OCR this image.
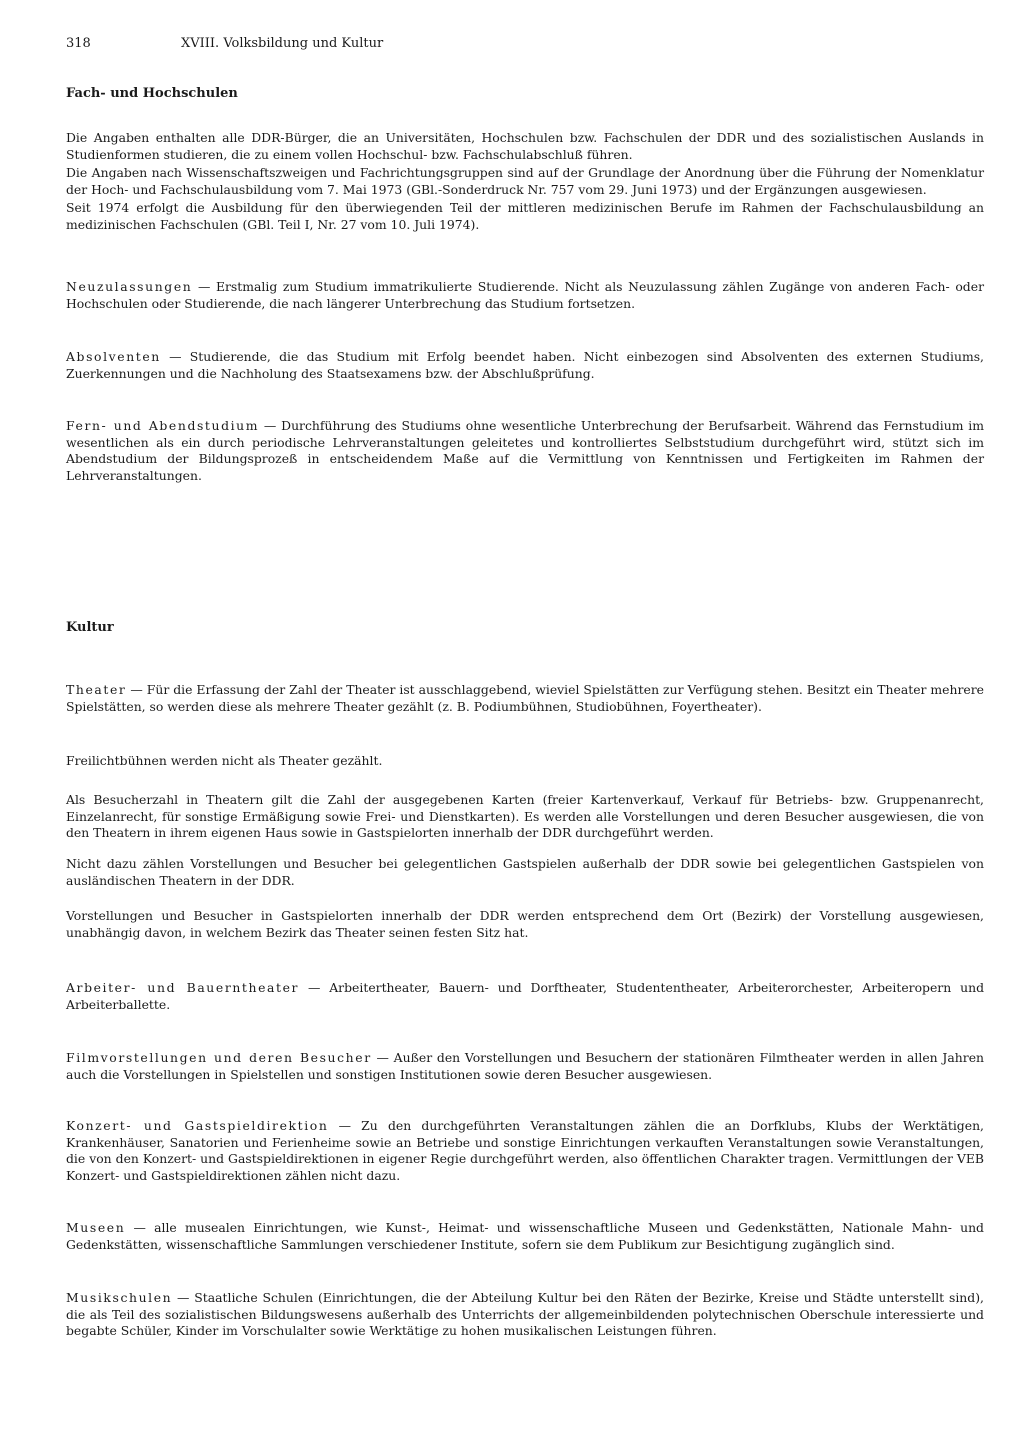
318	XVIII. Volksbildung und Kultur
Fach- und Hochschulen

Die Angaben enthalten alle DDR-Bürger, die an Universitäten, Hochschulen bzw. Fachschulen der DDR und des sozialistischen Auslands in Studienformen studieren, die zu einem vollen Hochschul- bzw. Fachschulabschluß führen.

Die Angaben nach Wissenschaftszweigen und Fachrichtungsgruppen sind auf der Grundlage der Anordnung über die Führung der Nomenklatur der Hoch- und Fachschulausbildung vom 7. Mai 1973 (GBl.-Sonderdruck Nr. 757 vom 29. Juni 1973) und der Ergänzungen ausgewiesen.

Seit 1974 erfolgt die Ausbildung für den überwiegenden Teil der mittleren medizinischen Berufe im Rahmen der Fachschulausbildung an medizinischen Fachschulen (GBl. Teil I, Nr. 27 vom 10. Juli 1974).

Neuzulassungen — Erstmalig zum Studium immatrikulierte Studierende. Nicht als Neuzulassung zählen Zugänge von anderen Fach- oder Hochschulen oder Studierende, die nach längerer Unterbrechung das Studium fortsetzen.
Absolventen — Studierende, die das Studium mit Erfolg beendet haben. Nicht einbezogen sind Absolventen des externen Studiums, Zuerkennungen und die Nachholung des Staatsexamens bzw. der Abschlußprüfung.
Fern- und Abendstudium — Durchführung des Studiums ohne wesentliche Unterbrechung der Berufsarbeit. Während das Fernstudium im wesentlichen als ein durch periodische Lehrveranstaltungen geleitetes und kontrolliertes Selbststudium durchgeführt wird, stützt sich im Abendstudium der Bildungsprozeß in entscheidendem Maße auf die Vermittlung von Kenntnissen und Fertigkeiten im Rahmen der Lehrveranstaltungen.
Kultur
Theater — Für die Erfassung der Zahl der Theater ist ausschlaggebend, wieviel Spielstätten zur Verfügung stehen. Besitzt ein Theater mehrere Spielstätten, so werden diese als mehrere Theater gezählt (z. B. Podiumbühnen, Studiobühnen, Foyertheater).
Freilichtbühnen werden nicht als Theater gezählt.
Als Besucherzahl in Theatern gilt die Zahl der ausgegebenen Karten (freier Kartenverkauf, Verkauf für Betriebs- bzw. Gruppenanrecht, Einzelanrecht, für sonstige Ermäßigung sowie Frei- und Dienstkarten). Es werden alle Vorstellungen und deren Besucher ausgewiesen, die von den Theatern in ihrem eigenen Haus sowie in Gastspielorten innerhalb der DDR durchgeführt werden.
Nicht dazu zählen Vorstellungen und Besucher bei gelegentlichen Gastspielen außerhalb der DDR sowie bei gelegentlichen Gastspielen von ausländischen Theatern in der DDR.
Vorstellungen und Besucher in Gastspielorten innerhalb der DDR werden entsprechend dem Ort (Bezirk) der Vorstellung ausgewiesen, unabhängig davon, in welchem Bezirk das Theater seinen festen Sitz hat.
Arbeiter- und Bauerntheater — Arbeitertheater, Bauern- und Dorftheater, Studententheater, Arbeiterorchester, Arbeiteropern und Arbeiterballette.
Filmvorstellungen und deren Besucher — Außer den Vorstellungen und Besuchern der stationären Filmtheater werden in allen Jahren auch die Vorstellungen in Spielstellen und sonstigen Institutionen sowie deren Besucher ausgewiesen.
Konzert- und Gastspieldirektion — Zu den durchgeführten Veranstaltungen zählen die an Dorfklubs, Klubs der Werktätigen, Krankenhäuser, Sanatorien und Ferienheime sowie an Betriebe und sonstige Einrichtungen verkauften Veranstaltungen sowie Veranstaltungen, die von den Konzert- und Gastspieldirektionen in eigener Regie durchgeführt werden, also öffentlichen Charakter tragen. Vermittlungen der VEB Konzert- und Gastspieldirektionen zählen nicht dazu.
Museen — alle musealen Einrichtungen, wie Kunst-, Heimat- und wissenschaftliche Museen und Gedenkstätten, Nationale Mahn- und Gedenkstätten, wissenschaftliche Sammlungen verschiedener Institute, sofern sie dem Publikum zur Besichtigung zugänglich sind.
Musikschulen — Staatliche Schulen (Einrichtungen, die der Abteilung Kultur bei den Räten der Bezirke, Kreise und Städte unterstellt sind), die als Teil des sozialistischen Bildungswesens außerhalb des Unterrichts der allgemeinbildenden polytechnischen Oberschule interessierte und begabte Schüler, Kinder im Vorschulalter sowie Werktätige zu hohen musikalischen Leistungen führen.
